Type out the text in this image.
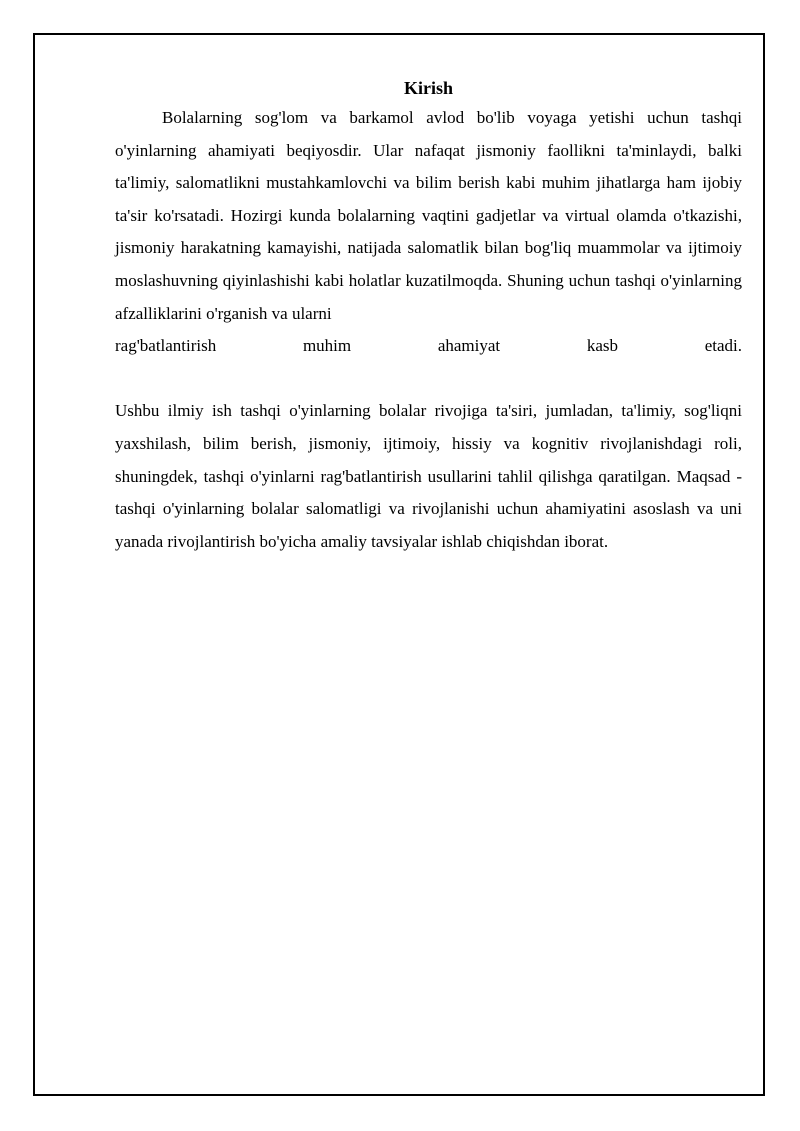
Kirish

Bolalarning sog'lom va barkamol avlod bo'lib voyaga yetishi uchun tashqi o'yinlarning ahamiyati beqiyosdir. Ular nafaqat jismoniy faollikni ta'minlaydi, balki ta'limiy, salomatlikni mustahkamlovchi va bilim berish kabi muhim jihatlarga ham ijobiy ta'sir ko'rsatadi. Hozirgi kunda bolalarning vaqtini gadjetlar va virtual olamda o'tkazishi, jismoniy harakatning kamayishi, natijada salomatlik bilan bog'liq muammolar va ijtimoiy moslashuvning qiyinlashishi kabi holatlar kuzatilmoqda. Shuning uchun tashqi o'yinlarning afzalliklarini o'rganish va ularni

rag'batlantirish muhim ahamiyat kasb etadi.

Ushbu ilmiy ish tashqi o'yinlarning bolalar rivojiga ta'siri, jumladan, ta'limiy, sog'liqni yaxshilash, bilim berish, jismoniy, ijtimoiy, hissiy va kognitiv rivojlanishdagi roli, shuningdek, tashqi o'yinlarni rag'batlantirish usullarini tahlil qilishga qaratilgan. Maqsad - tashqi o'yinlarning bolalar salomatligi va rivojlanishi uchun ahamiyatini asoslash va uni yanada rivojlantirish bo'yicha amaliy tavsiyalar ishlab chiqishdan iborat.
